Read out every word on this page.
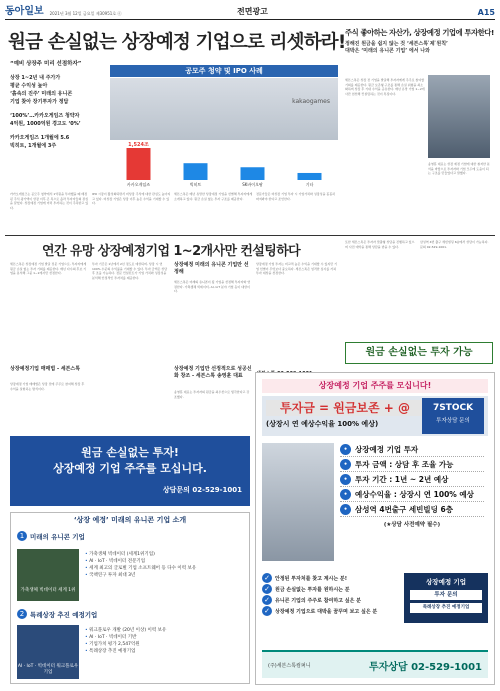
동아일보 2021년 3월 12일 금요일 제30951호 ⓔ	전면광고	A15
원금 손실없는 상장예정 기업으로 리셋하라!
“예비 상장주 미리 선점하자”
상장 1~2년 내 주가가
평균 수익성 높아
‘흙속의 진주’ 미래의 유니콘
기업 찾아 장기투자가 정답
‘100%’…카카오게임즈 청약자
4억원, 1000억원 경고도 ‘0%’
카카오게임즈 1개월에 5.6
빅히트, 1개월에 3주
공모주 청약 및 IPO 사례
kakaogames
카카오게임즈
1,524조
빅히트	SK바이오팜	기타
카카오게임즈는 공모주 청약에서 1억원을 투자했을 때 배정된 주식 평가액이 상장 이후 큰 폭으로 올라 투자자들의 관심을 끌었다. 상장예정 기업에 미리 투자하는 것이 주목받고 있다.
IPO 시장이 활성화되면서 비상장 주식에 대한 관심도 높아지고 있다. 비상장 기업은 상장 이후 높은 수익을 기대할 수 있다.
세븐스톡은 매년 유망한 상장예정 기업을 선별해 투자자에게 소개하고 있다. 원금 손실 없는 투자 구조를 제공한다.
전문가들은 비상장 기업 투자 시 기업가치와 성장성을 꼼꼼히 따져봐야 한다고 조언한다.
주식 좋아하는 자산가, 상장예정 기업에 투자한다!
정해진 원금을 쉽지 않는 것 ‘세븐스톡 ̇제 ̇원칙’
대박은 ‘미래의 유니콘 기업’ 에서 나와
세븐스톡은 상장 전 기업을 발굴해 투자자에게 주주로 참여할 기회를 제공한다. 원금 보존형 구조를 통해 손실 위험을 최소화하며 상장 후 기대 수익을 공유한다. 매년 유망 기업 1~2개사만 엄선해 컨설팅하는 것이 특징이다.
송영훈 대표는 상장 예정 기업에 대한 철저한 분석을 바탕으로 투자자와 기업 모두에 도움이 되는 구조를 만들었다고 말했다.
연간 유망 상장예정기업 1~2개사만 컨설팅하다
세븐스톡은 상장예정 기업 발굴 전문 기업으로, 투자자에게 원금 손실 없는 투자 기회를 제공한다. 매년 다수의 후보 기업을 분석해 그중 1~2개사만 선정한다.
상장예정기업 매매법 - 세븐스톡
상장예정 기업 매매법은 상장 전에 주주로 참여해 상장 후 수익을 실현하는 방식이다.
투자 기간은 1년에서 2년 정도로 예상되며, 상장 시 연 100% 수준의 수익률을 기대할 수 있다. 투자 금액은 상담 후 조율 가능하다. 전문 컨설턴트가 기업 가치와 성장성을 분석해 안정적인 투자처를 제공한다.
상장예정 미래의 유니콘 기업만 선정해
세븐스톡은 미래의 유니콘이 될 기업을 선정해 투자자와 연결한다. 가축생체 빅데이터, AI, IoT 분야 기업 등이 대상이다.
상장예정 기업만 선정적으로 성공신화 창조 - 세븐스톡 송영훈 대표
송영훈 대표는 투자자의 원금을 최우선으로 생각한다고 강조했다.
상장예정 기업 투자는 비교적 높은 수익을 기대할 수 있지만 기업 선별이 무엇보다 중요하다. 세븐스톡은 엄격한 심사를 거쳐 투자 대상을 선정한다.
또한 세븐스톡은 투자자 맞춤형 상담을 진행하고 있으며 사전 예약을 통해 상담을 받을 수 있다.
삼성역 4번 출구 세빈빌딩 6층에서 상담이 가능하다. 문의 02-529-1001.
원금 손실없는 투자 가능
원금 손실없는 투자!
상장예정 기업 주주를 모십니다.
상담문의 02-529-1001
‘상장 예정’ 미래의 유니콘 기업 소개
1 미래의 유니콘 기업
가축생체 빅데이터 세계 1위
• 가축생체 빅데이터 (세계1위기업)
• AI · IoT · 빅데이터 전문기업
• 세계 최고의 글로벌 기업 소프트웨어 등 다수 이력 보유
• 국책연구 투자 최대 3년
2 특례상장 추진 예정기업
AI · IoT · 빅데이터 워크플로우 기업
• 워크플로우 개발 (20년 이상) 이력 보유
• AI · IoT · 빅데이터 기반
• 기업가치 평가 2,547억원
• 특례상장 추진 예정기업
상장예정 기업 주주를 모십니다!
투자금 = 원금보존 + @
(상장시 연 예상수익율 100% 예상)
7STOCK
투자상담 문의
•	상장예정 기업 투자
•	투자 금액 : 상담 후 조율 가능
•	투자 기간 : 1년 ~ 2년 예상
•	예상수익율 : 상장시 연 100% 예상
•	삼성역 4번출구 세빈빌딩 6층
(★상담 사전예약 필수)
✓ 안정된 투자처를 찾고 계시는 분!
✓ 원금 손실없는 투자를 원하시는 분
✓ 유니콘 기업의 주주로 참여하고 싶은 분
✓ 상장예정 기업으로 대박을 꿈꾸며 보고 싶은 분
상장예정 기업
투자 문의
특례상장 추진 예정기업
(주)세븐스톡컴퍼니	투자상담 02-529-1001
